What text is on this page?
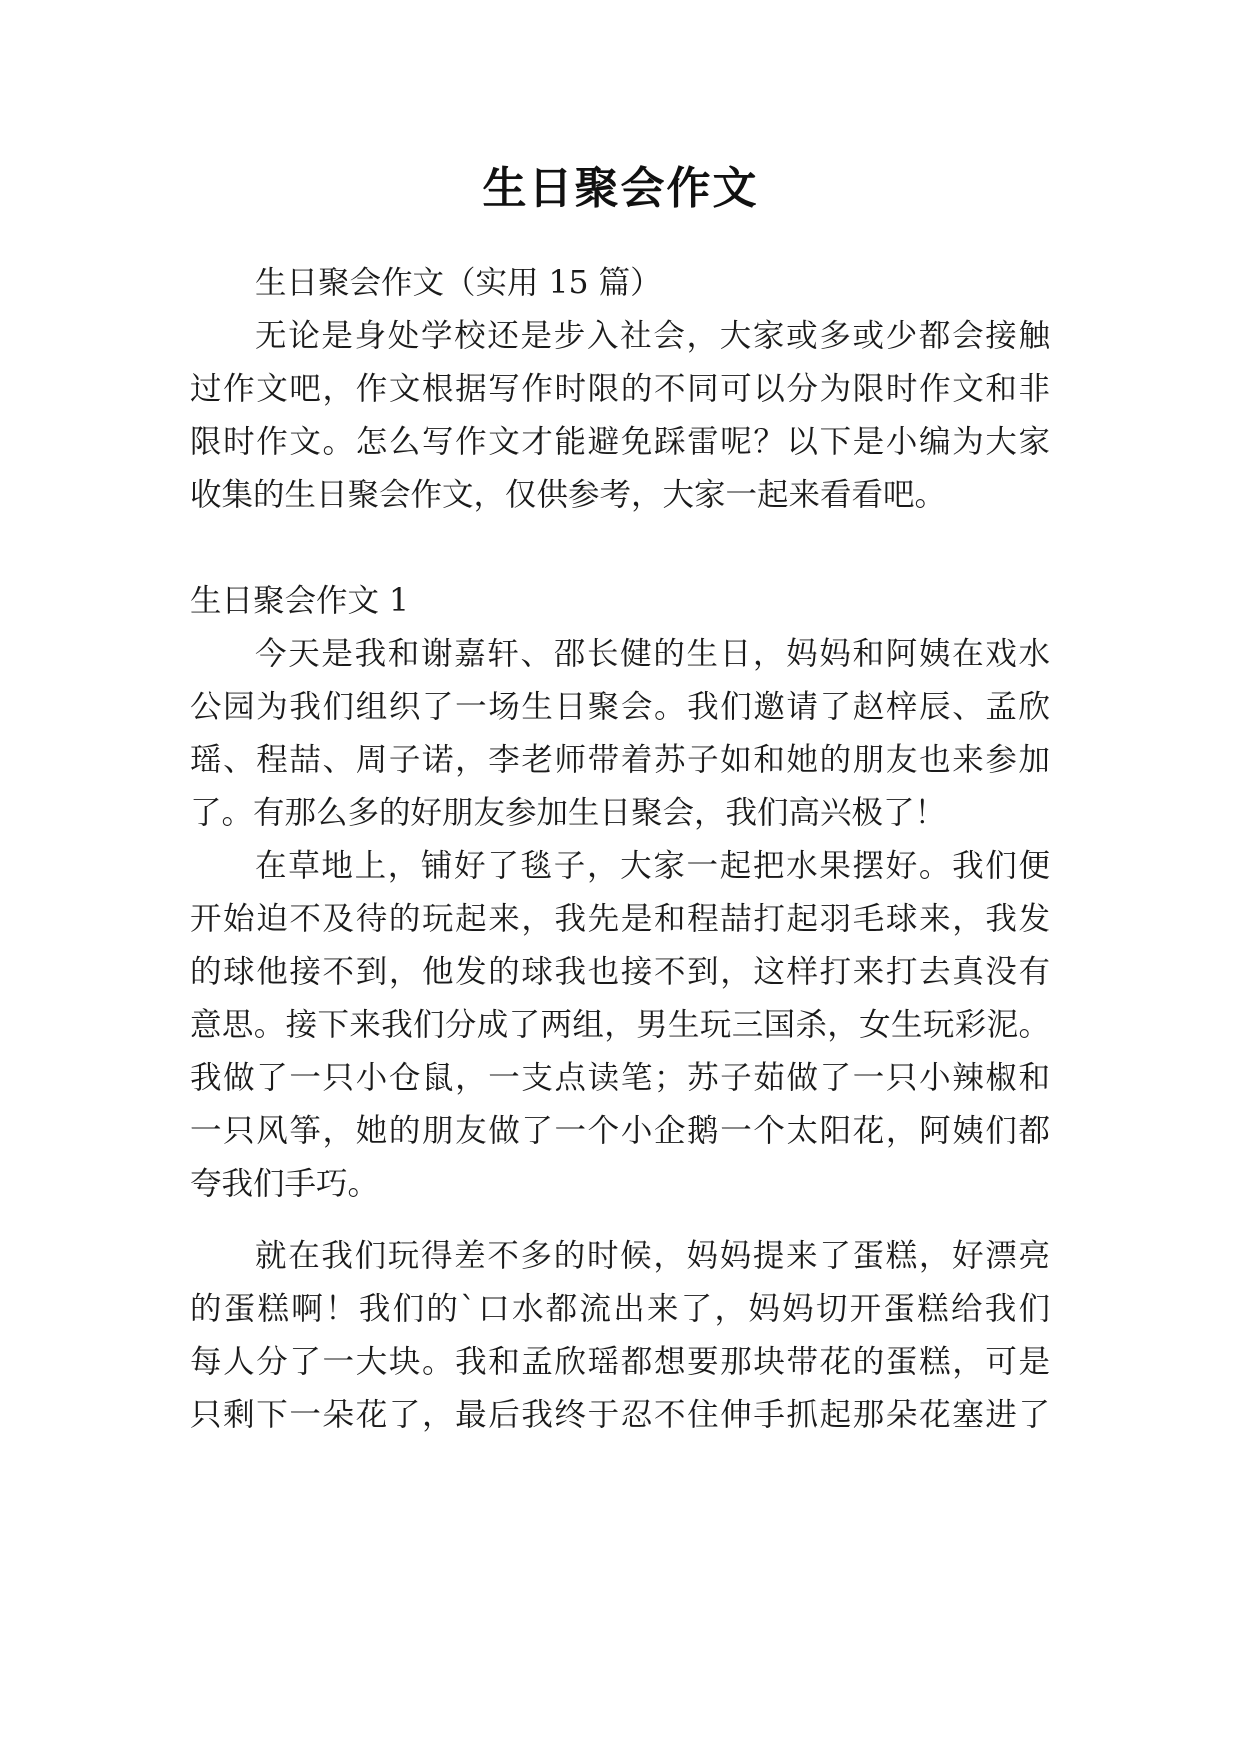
生日聚会作文
生日聚会作文（实用 15 篇）
无论是身处学校还是步入社会，大家或多或少都会接触
过作文吧，作文根据写作时限的不同可以分为限时作文和非
限时作文。怎么写作文才能避免踩雷呢？以下是小编为大家
收集的生日聚会作文，仅供参考，大家一起来看看吧。
生日聚会作文 1
今天是我和谢嘉轩、邵长健的生日，妈妈和阿姨在戏水
公园为我们组织了一场生日聚会。我们邀请了赵梓辰、孟欣
瑶、程喆、周子诺，李老师带着苏子如和她的朋友也来参加
了。有那么多的好朋友参加生日聚会，我们高兴极了！
在草地上，铺好了毯子，大家一起把水果摆好。我们便
开始迫不及待的玩起来，我先是和程喆打起羽毛球来，我发
的球他接不到，他发的球我也接不到，这样打来打去真没有
意思。接下来我们分成了两组，男生玩三国杀，女生玩彩泥。
我做了一只小仓鼠，一支点读笔；苏子茹做了一只小辣椒和
一只风筝，她的朋友做了一个小企鹅一个太阳花，阿姨们都
夸我们手巧。
就在我们玩得差不多的时候，妈妈提来了蛋糕，好漂亮
的蛋糕啊！我们的`口水都流出来了，妈妈切开蛋糕给我们
每人分了一大块。我和孟欣瑶都想要那块带花的蛋糕，可是
只剩下一朵花了，最后我终于忍不住伸手抓起那朵花塞进了
